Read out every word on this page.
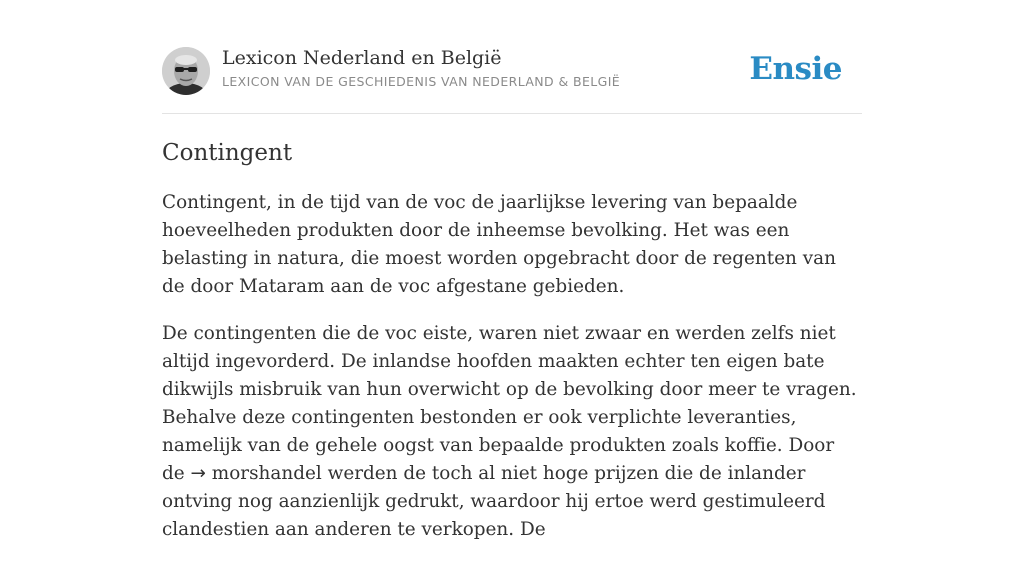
Lexicon Nederland en België
LEXICON VAN DE GESCHIEDENIS VAN NEDERLAND & BELGIË	Ensie
Contingent

Contingent, in de tijd van de voc de jaarlijkse levering van bepaalde hoeveelheden produkten door de inheemse bevolking. Het was een belasting in natura, die moest worden opgebracht door de regenten van de door Mataram aan de voc afgestane gebieden.

De contingenten die de voc eiste, waren niet zwaar en werden zelfs niet altijd ingevorderd. De inlandse hoofden maakten echter ten eigen bate dikwijls misbruik van hun overwicht op de bevolking door meer te vragen. Behalve deze contingenten bestonden er ook verplichte leveranties, namelijk van de gehele oogst van bepaalde produkten zoals koffie. Door de → morshandel werden de toch al niet hoge prijzen die de inlander ontving nog aanzienlijk gedrukt, waardoor hij ertoe werd gestimuleerd clandestien aan anderen te verkopen. De
